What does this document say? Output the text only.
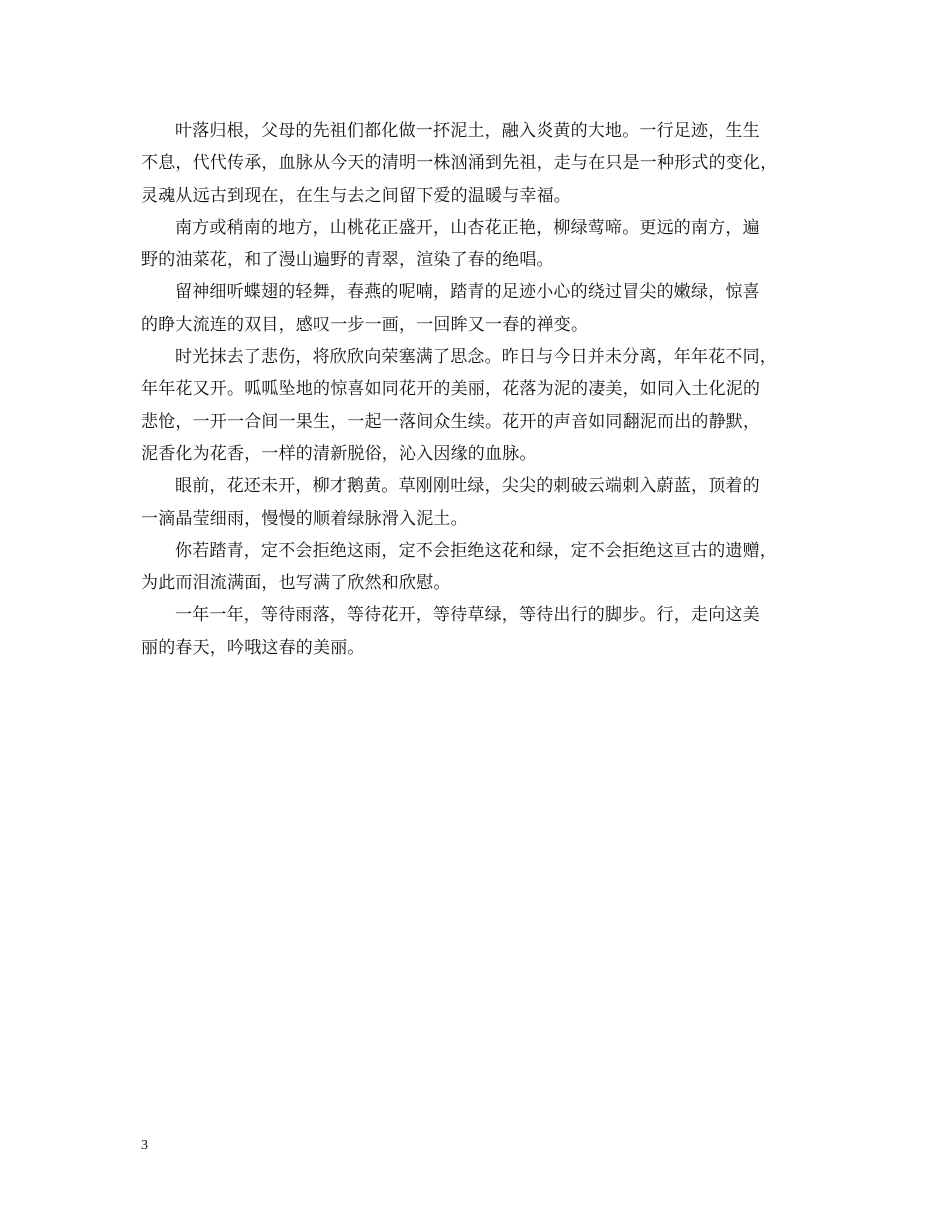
叶落归根，父母的先祖们都化做一抔泥土，融入炎黄的大地。一行足迹，生生
不息，代代传承，血脉从今天的清明一株汹涌到先祖，走与在只是一种形式的变化，
灵魂从远古到现在，在生与去之间留下爱的温暖与幸福。

南方或稍南的地方，山桃花正盛开，山杏花正艳，柳绿莺啼。更远的南方，遍
野的油菜花，和了漫山遍野的青翠，渲染了春的绝唱。

留神细听蝶翅的轻舞，春燕的呢喃，踏青的足迹小心的绕过冒尖的嫩绿，惊喜
的睁大流连的双目，感叹一步一画，一回眸又一春的禅变。

时光抹去了悲伤，将欣欣向荣塞满了思念。昨日与今日并未分离，年年花不同，
年年花又开。呱呱坠地的惊喜如同花开的美丽，花落为泥的凄美，如同入土化泥的
悲怆，一开一合间一果生，一起一落间众生续。花开的声音如同翻泥而出的静默，
泥香化为花香，一样的清新脱俗，沁入因缘的血脉。

眼前，花还未开，柳才鹅黄。草刚刚吐绿，尖尖的刺破云端刺入蔚蓝，顶着的
一滴晶莹细雨，慢慢的顺着绿脉滑入泥土。

你若踏青，定不会拒绝这雨，定不会拒绝这花和绿，定不会拒绝这亘古的遗赠，
为此而泪流满面，也写满了欣然和欣慰。

一年一年，等待雨落，等待花开，等待草绿，等待出行的脚步。行，走向这美
丽的春天，吟哦这春的美丽。

3
